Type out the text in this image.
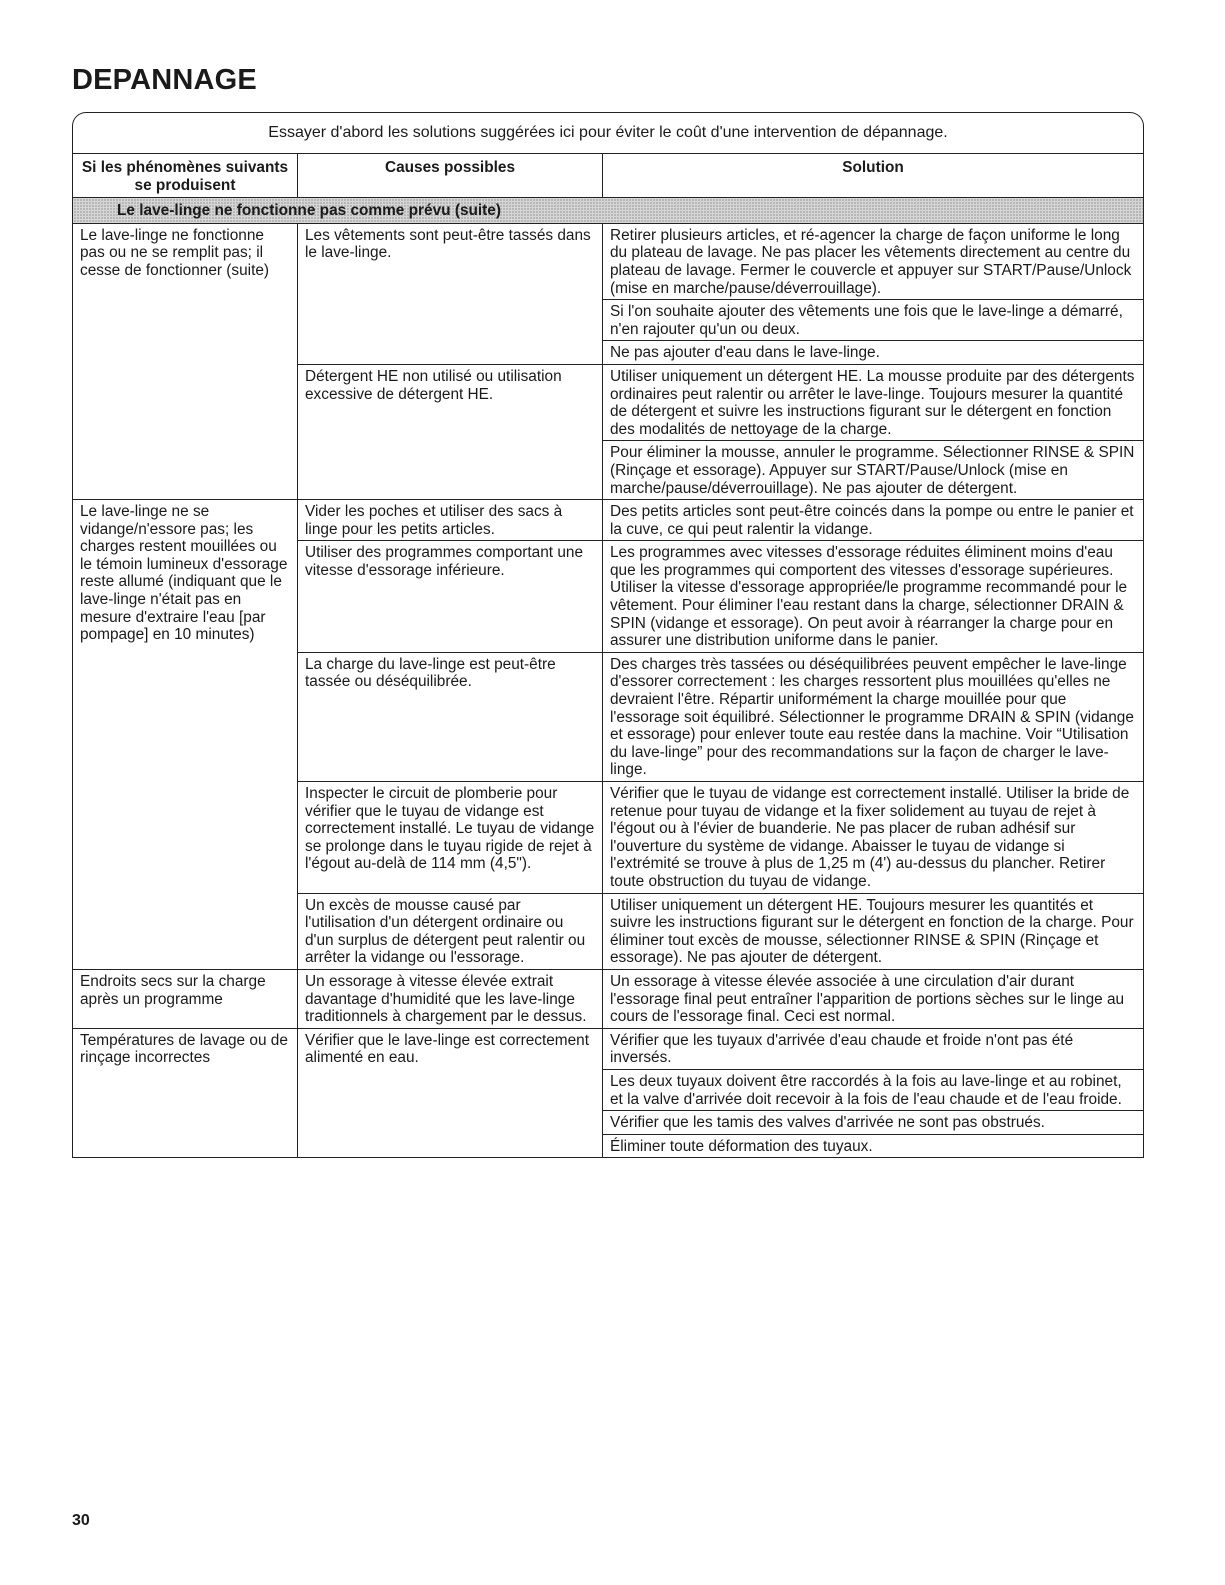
DEPANNAGE
Essayer d'abord les solutions suggérées ici pour éviter le coût d'une intervention de dépannage.
Si les phénomènes suivants se produisent	Causes possibles	Solution
Le lave-linge ne fonctionne pas comme prévu (suite)		
Le lave-linge ne fonctionne pas ou ne se remplit pas; il cesse de fonctionner (suite)	Les vêtements sont peut-être tassés dans le lave-linge.	Retirer plusieurs articles, et ré-agencer la charge de façon uniforme le long du plateau de lavage. Ne pas placer les vêtements directement au centre du plateau de lavage. Fermer le couvercle et appuyer sur START/Pause/Unlock (mise en marche/pause/déverrouillage).
		Si l'on souhaite ajouter des vêtements une fois que le lave-linge a démarré, n'en rajouter qu'un ou deux.
		Ne pas ajouter d'eau dans le lave-linge.
	Détergent HE non utilisé ou utilisation excessive de détergent HE.	Utiliser uniquement un détergent HE. La mousse produite par des détergents ordinaires peut ralentir ou arrêter le lave-linge. Toujours mesurer la quantité de détergent et suivre les instructions figurant sur le détergent en fonction des modalités de nettoyage de la charge.
		Pour éliminer la mousse, annuler le programme. Sélectionner RINSE & SPIN (Rinçage et essorage). Appuyer sur START/Pause/Unlock (mise en marche/pause/déverrouillage). Ne pas ajouter de détergent.
Le lave-linge ne se vidange/n'essore pas; les charges restent mouillées ou le témoin lumineux d'essorage reste allumé (indiquant que le lave-linge n'était pas en mesure d'extraire l'eau [par pompage] en 10 minutes)	Vider les poches et utiliser des sacs à linge pour les petits articles.	Des petits articles sont peut-être coincés dans la pompe ou entre le panier et la cuve, ce qui peut ralentir la vidange.
	Utiliser des programmes comportant une vitesse d'essorage inférieure.	Les programmes avec vitesses d'essorage réduites éliminent moins d'eau que les programmes qui comportent des vitesses d'essorage supérieures. Utiliser la vitesse d'essorage appropriée/le programme recommandé pour le vêtement. Pour éliminer l'eau restant dans la charge, sélectionner DRAIN & SPIN (vidange et essorage). On peut avoir à réarranger la charge pour en assurer une distribution uniforme dans le panier.
	La charge du lave-linge est peut-être tassée ou déséquilibrée.	Des charges très tassées ou déséquilibrées peuvent empêcher le lave-linge d'essorer correctement : les charges ressortent plus mouillées qu'elles ne devraient l'être. Répartir uniformément la charge mouillée pour que l'essorage soit équilibré. Sélectionner le programme DRAIN & SPIN (vidange et essorage) pour enlever toute eau restée dans la machine. Voir “Utilisation du lave-linge” pour des recommandations sur la façon de charger le lave-linge.
	Inspecter le circuit de plomberie pour vérifier que le tuyau de vidange est correctement installé. Le tuyau de vidange se prolonge dans le tuyau rigide de rejet à l'égout au-delà de 114 mm (4,5").	Vérifier que le tuyau de vidange est correctement installé. Utiliser la bride de retenue pour tuyau de vidange et la fixer solidement au tuyau de rejet à l'égout ou à l'évier de buanderie. Ne pas placer de ruban adhésif sur l'ouverture du système de vidange. Abaisser le tuyau de vidange si l'extrémité se trouve à plus de 1,25 m (4') au-dessus du plancher. Retirer toute obstruction du tuyau de vidange.
	Un excès de mousse causé par l'utilisation d'un détergent ordinaire ou d'un surplus de détergent peut ralentir ou arrêter la vidange ou l'essorage.	Utiliser uniquement un détergent HE. Toujours mesurer les quantités et suivre les instructions figurant sur le détergent en fonction de la charge. Pour éliminer tout excès de mousse, sélectionner RINSE & SPIN (Rinçage et essorage). Ne pas ajouter de détergent.
Endroits secs sur la charge après un programme	Un essorage à vitesse élevée extrait davantage d'humidité que les lave-linge traditionnels à chargement par le dessus.	Un essorage à vitesse élevée associée à une circulation d'air durant l'essorage final peut entraîner l'apparition de portions sèches sur le linge au cours de l'essorage final. Ceci est normal.
Températures de lavage ou de rinçage incorrectes	Vérifier que le lave-linge est correctement alimenté en eau.	Vérifier que les tuyaux d'arrivée d'eau chaude et froide n'ont pas été inversés.
		Les deux tuyaux doivent être raccordés à la fois au lave-linge et au robinet, et la valve d'arrivée doit recevoir à la fois de l'eau chaude et de l'eau froide.
		Vérifier que les tamis des valves d'arrivée ne sont pas obstrués.
		Éliminer toute déformation des tuyaux.
30
